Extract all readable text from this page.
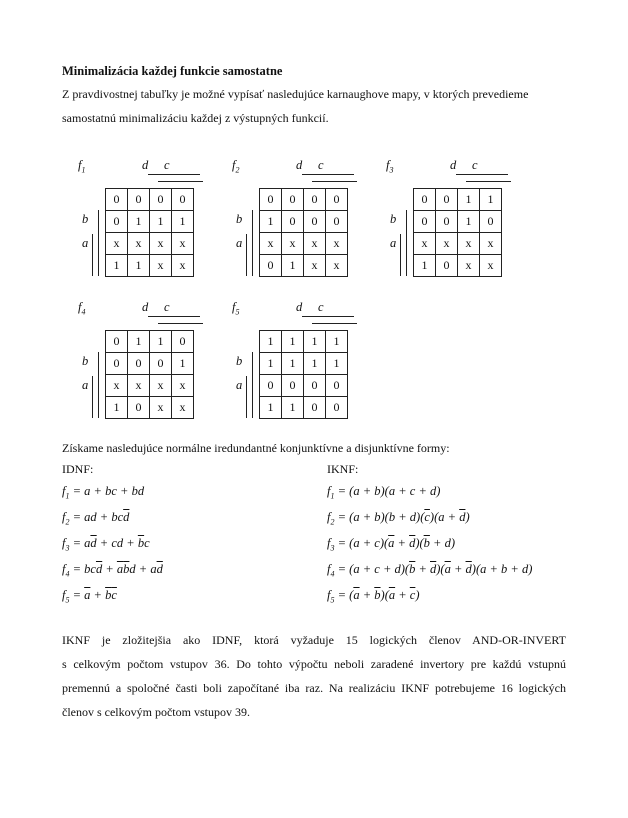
Minimalizácia každej funkcie samostatne
Z pravdivostnej tabuľky je možné vypísať nasledujúce karnaughove mapy, v ktorých prevedieme
samostatnú minimalizáciu každej z výstupných funkcií.
$f_1$	d c
b
a
0	0	0	0
0	1	1	1
x	x	x	x
1	1	x	x
$f_2$	d c
b
a
0	0	0	0
1	0	0	0
x	x	x	x
0	1	x	x
$f_3$	d c
b
a
0	0	1	1
0	0	1	0
x	x	x	x
1	0	x	x
$f_4$	d c
b
a
0	1	1	0
0	0	0	1
x	x	x	x
1	0	x	x
$f_5$	d c
b
a
1	1	1	1
1	1	1	1
0	0	0	0
1	1	0	0
Získame nasledujúce normálne iredundantné konjunktívne a disjunktívne formy:
IDNF:	IKNF:
$f_1 = a$ + bc + bd
$f_2$ = ad + $bc\overline{d}$
$f_3 = a\overline{d}$ + cd + $\overline{b}c$
$f_4 = bc\overline{d} + \overline{a}\overline{b}d + a\overline{d}$
$f_5 = \overline{a} + \overline{b}\overline{c}$
$f_1 = (a + b)(a + c + d)$
$f_2 = (a + b)(b + d)(\overline{c})(a + \overline{d})$
$f_3 = (a + c)(\overline{a} + \overline{d})(\overline{b} + d)$
$f_4 = (a + c + d)(\overline{b} + \overline{d})(\overline{a} + \overline{d})(a + b + d)$
$f_5 = (\overline{a} + \overline{b})(\overline{a} + \overline{c})$
IKNF je zložitejšia ako IDNF, ktorá vyžaduje 15 logických členov AND-OR-INVERT
s celkovým počtom vstupov 36. Do tohto výpočtu neboli zaradené invertory pre každú vstupnú
premennú a spoločné časti boli započítané iba raz. Na realizáciu IKNF potrebujeme 16 logických
členov s celkovým počtom vstupov 39.
